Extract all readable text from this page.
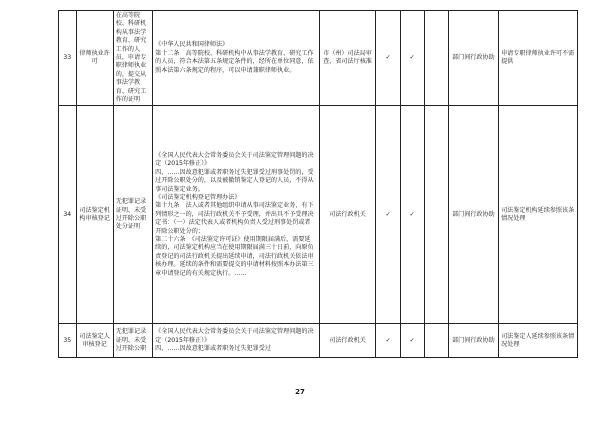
33	律师执业许可	在高等院校、科研机构从事法学教育、研究工作的人员，申请专职律师执业的，提交从事法学教育、研究工作的证明	《中华人民共和国律师法》
第十二条　高等院校、科研机构中从事法学教育、研究工作的人员，符合本法第五条规定条件的，经所在单位同意，依照本法第六条规定的程序，可以申请兼职律师执业。	市（州）司法局审查，省司法厅核准	✓	✓		部门间行政协助	申请专职律师执业许可不需提供
34	司法鉴定机构审核登记	无犯罪记录证明、未受过开除公职处分证明	《全国人民代表大会常务委员会关于司法鉴定管理问题的决定（2015年修正）》
四、……因故意犯罪或者职务过失犯罪受过刑事处罚的，受过开除公职处分的，以及被撤销鉴定人登记的人员，不得从事司法鉴定业务。
《司法鉴定机构登记管理办法》
第十九条　法人或者其他组织申请从事司法鉴定业务，有下列情形之一的，司法行政机关不予受理，并出具不予受理决定书：（一）法定代表人或者机构负责人受过刑事处罚或者开除公职处分的；
第二十六条　《司法鉴定许可证》使用期限届满后，需要延续的，司法鉴定机构应当在使用期限届满三十日前，向原负责登记的司法行政机关提出延续申请，司法行政机关依法审核办理。延续的条件和需要提交的申请材料按照本办法第三章申请登记的有关规定执行。……	司法行政机关	✓	✓		部门间行政协助	司法鉴定机构延续参照该条情况处理
35	司法鉴定人审核登记	无犯罪记录证明、未受过开除公职	《全国人民代表大会常务委员会关于司法鉴定管理问题的决定（2015年修正）》
四、……因故意犯罪或者职务过失犯罪受过	司法行政机关	✓	✓		部门间行政协助	司法鉴定人延续参照该条情况处理
27
